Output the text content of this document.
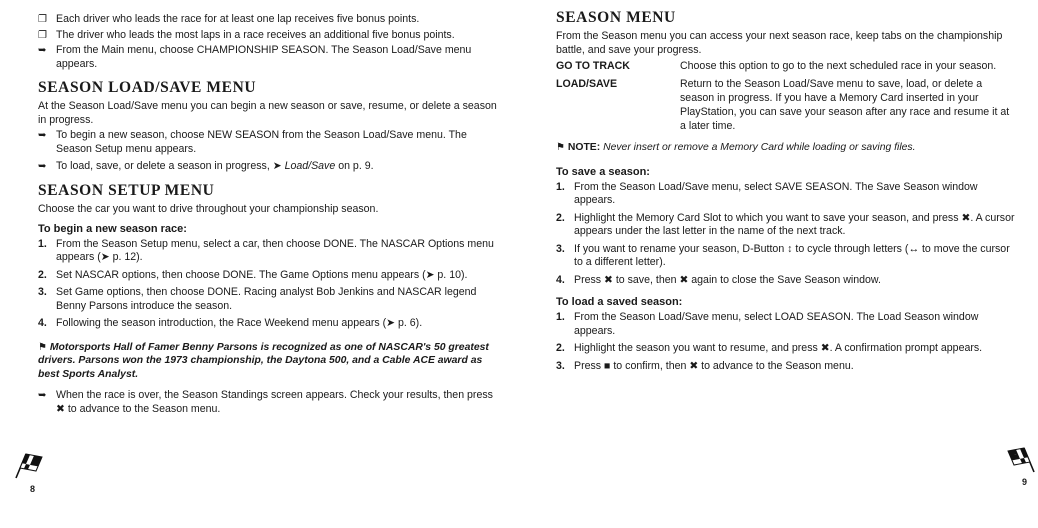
❐ Each driver who leads the race for at least one lap receives five bonus points.

❐ The driver who leads the most laps in a race receives an additional five bonus points.

➥ From the Main menu, choose CHAMPIONSHIP SEASON. The Season Load/Save menu appears.

SEASON LOAD/SAVE MENU

At the Season Load/Save menu you can begin a new season or save, resume, or delete a season in progress.

➥ To begin a new season, choose NEW SEASON from the Season Load/Save menu. The Season Setup menu appears.

➥ To load, save, or delete a season in progress, ➤ Load/Save on p. 9.

SEASON SETUP MENU

Choose the car you want to drive throughout your championship season.

To begin a new season race:

1. From the Season Setup menu, select a car, then choose DONE. The NASCAR Options menu appears (➤ p. 12).

2. Set NASCAR options, then choose DONE. The Game Options menu appears (➤ p. 10).

3. Set Game options, then choose DONE. Racing analyst Bob Jenkins and NASCAR legend Benny Parsons introduce the season.

4. Following the season introduction, the Race Weekend menu appears (➤ p. 6).

⚑ Motorsports Hall of Famer Benny Parsons is recognized as one of NASCAR's 50 greatest drivers. Parsons won the 1973 championship, the Daytona 500, and a Cable ACE award as best Sports Analyst.

➥ When the race is over, the Season Standings screen appears. Check your results, then press ✖ to advance to the Season menu.

8
SEASON MENU

From the Season menu you can access your next season race, keep tabs on the championship battle, and save your progress.

GO TO TRACK	Choose this option to go to the next scheduled race in your season.
LOAD/SAVE	Return to the Season Load/Save menu to save, load, or delete a season in progress. If you have a Memory Card inserted in your PlayStation, you can save your season after any race and resume it at a later time.

⚑ NOTE: Never insert or remove a Memory Card while loading or saving files.

To save a season:

1. From the Season Load/Save menu, select SAVE SEASON. The Save Season window appears.

2. Highlight the Memory Card Slot to which you want to save your season, and press ✖. A cursor appears under the last letter in the name of the next track.

3. If you want to rename your season, D-Button ↕ to cycle through letters (↔ to move the cursor to a different letter).

4. Press ✖ to save, then ✖ again to close the Save Season window.

To load a saved season:

1. From the Season Load/Save menu, select LOAD SEASON. The Load Season window appears.

2. Highlight the season you want to resume, and press ✖. A confirmation prompt appears.

3. Press ■ to confirm, then ✖ to advance to the Season menu.

9
